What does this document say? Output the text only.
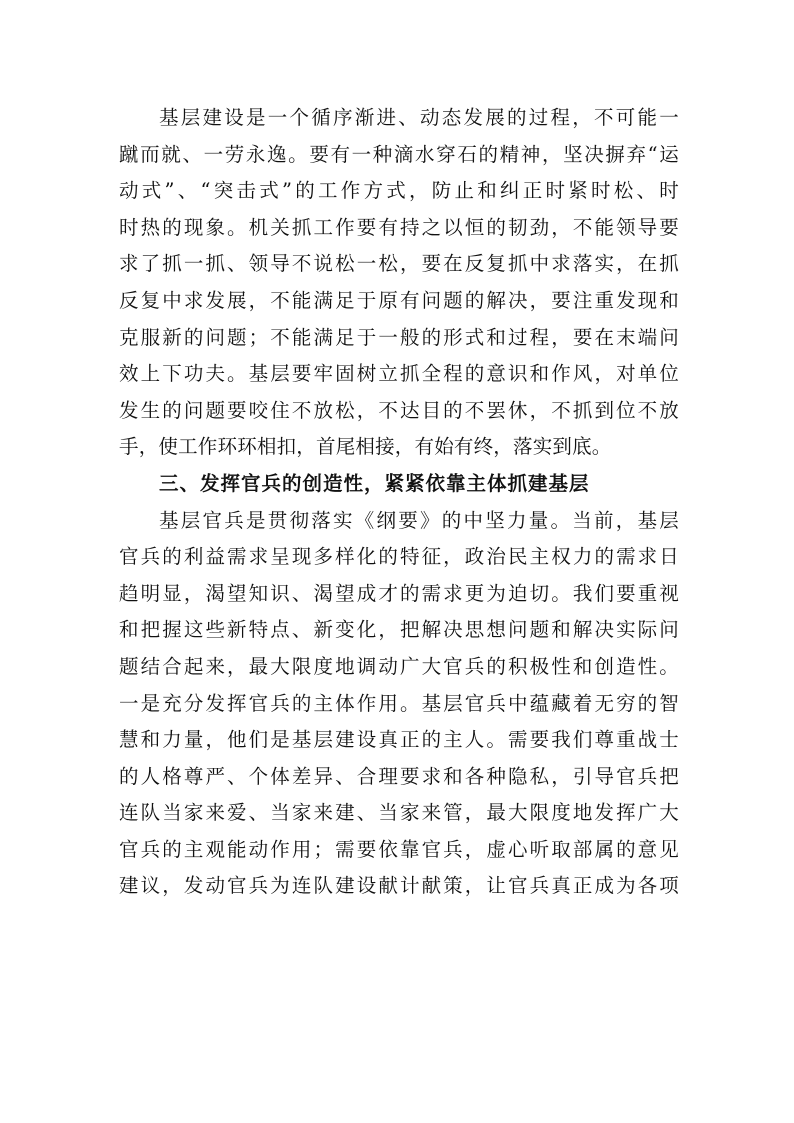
基层建设是一个循序渐进、动态发展的过程，不可能一
蹴而就、一劳永逸。要有一种滴水穿石的精神，坚决摒弃“运
动式”、“突击式”的工作方式，防止和纠正时紧时松、时
时热的现象。机关抓工作要有持之以恒的韧劲，不能领导要
求了抓一抓、领导不说松一松，要在反复抓中求落实，在抓
反复中求发展，不能满足于原有问题的解决，要注重发现和
克服新的问题；不能满足于一般的形式和过程，要在末端问
效上下功夫。基层要牢固树立抓全程的意识和作风，对单位
发生的问题要咬住不放松，不达目的不罢休，不抓到位不放
手，使工作环环相扣，首尾相接，有始有终，落实到底。
三、发挥官兵的创造性，紧紧依靠主体抓建基层
基层官兵是贯彻落实《纲要》的中坚力量。当前，基层
官兵的利益需求呈现多样化的特征，政治民主权力的需求日
趋明显，渴望知识、渴望成才的需求更为迫切。我们要重视
和把握这些新特点、新变化，把解决思想问题和解决实际问
题结合起来，最大限度地调动广大官兵的积极性和创造性。
一是充分发挥官兵的主体作用。基层官兵中蕴藏着无穷的智
慧和力量，他们是基层建设真正的主人。需要我们尊重战士
的人格尊严、个体差异、合理要求和各种隐私，引导官兵把
连队当家来爱、当家来建、当家来管，最大限度地发挥广大
官兵的主观能动作用；需要依靠官兵，虚心听取部属的意见
建议，发动官兵为连队建设献计献策，让官兵真正成为各项
